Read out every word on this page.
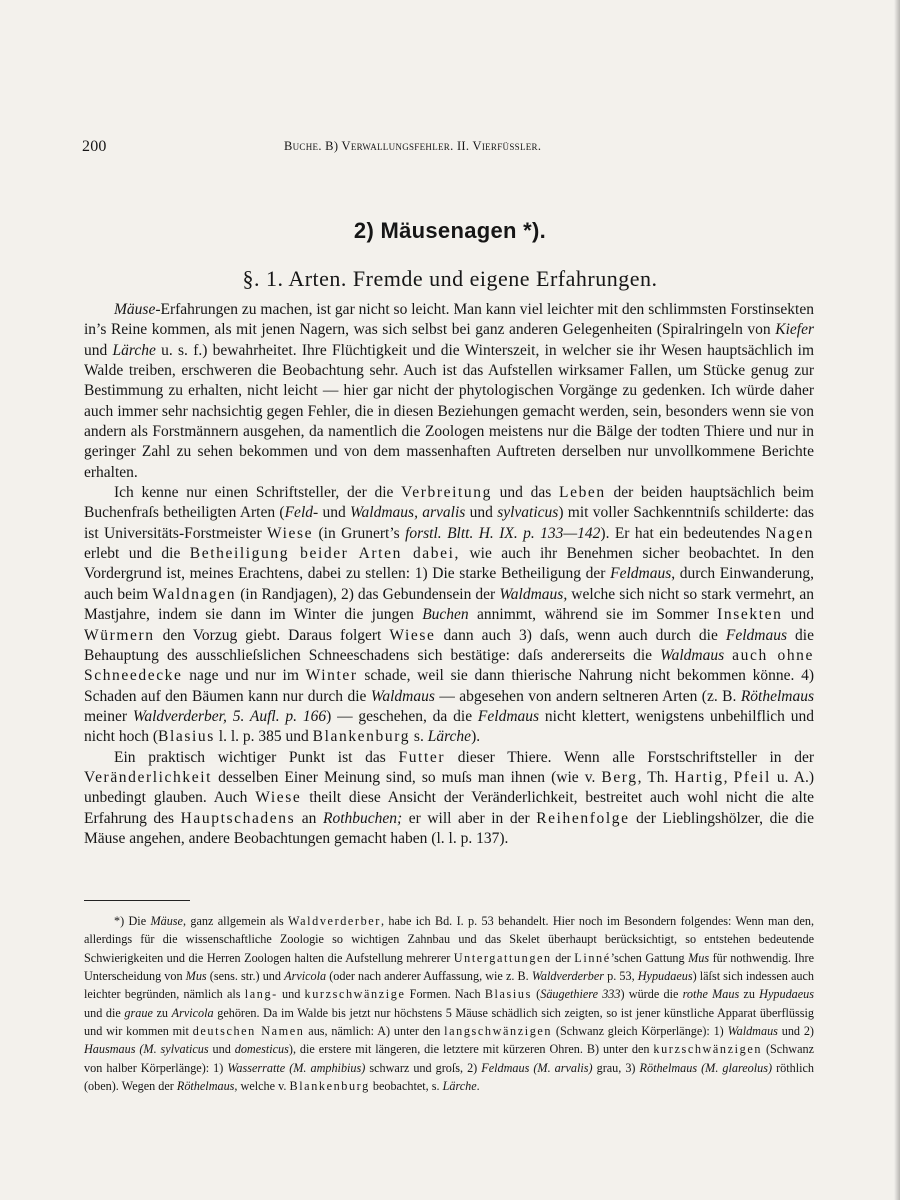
200	Buche. B) Verwallungsfehler. II. Vierfüssler.
2) Mäusenagen *).
§. 1. Arten. Fremde und eigene Erfahrungen.

Mäuse-Erfahrungen zu machen, ist gar nicht so leicht. Man kann viel leichter mit den schlimmsten Forstinsekten in’s Reine kommen, als mit jenen Nagern, was sich selbst bei ganz anderen Gelegenheiten (Spiralringeln von Kiefer und Lärche u. s. f.) bewahrheitet. Ihre Flüchtigkeit und die Winterszeit, in welcher sie ihr Wesen hauptsächlich im Walde treiben, erschweren die Beobachtung sehr. Auch ist das Aufstellen wirksamer Fallen, um Stücke genug zur Bestimmung zu erhalten, nicht leicht — hier gar nicht der phytologischen Vorgänge zu gedenken. Ich würde daher auch immer sehr nachsichtig gegen Fehler, die in diesen Beziehungen gemacht werden, sein, besonders wenn sie von andern als Forstmännern ausgehen, da namentlich die Zoologen meistens nur die Bälge der todten Thiere und nur in geringer Zahl zu sehen bekommen und von dem massenhaften Auftreten derselben nur unvollkommene Berichte erhalten.

Ich kenne nur einen Schriftsteller, der die Verbreitung und das Leben der beiden hauptsächlich beim Buchenfraſs betheiligten Arten (Feld- und Waldmaus, arvalis und sylvaticus) mit voller Sachkenntniſs schilderte: das ist Universitäts-Forstmeister Wiese (in Grunert’s forstl. Bltt. H. IX. p. 133—142). Er hat ein bedeutendes Nagen erlebt und die Betheiligung beider Arten dabei, wie auch ihr Benehmen sicher beobachtet. In den Vordergrund ist, meines Erachtens, dabei zu stellen: 1) Die starke Betheiligung der Feldmaus, durch Einwanderung, auch beim Waldnagen (in Randjagen), 2) das Gebundensein der Waldmaus, welche sich nicht so stark vermehrt, an Mastjahre, indem sie dann im Winter die jungen Buchen annimmt, während sie im Sommer Insekten und Würmern den Vorzug giebt. Daraus folgert Wiese dann auch 3) daſs, wenn auch durch die Feldmaus die Behauptung des ausschlieſslichen Schneeschadens sich bestätige: daſs andererseits die Waldmaus auch ohne Schneedecke nage und nur im Winter schade, weil sie dann thierische Nahrung nicht bekommen könne. 4) Schaden auf den Bäumen kann nur durch die Waldmaus — abgesehen von andern seltneren Arten (z. B. Röthelmaus meiner Waldverderber, 5. Aufl. p. 166) — geschehen, da die Feldmaus nicht klettert, wenigstens unbehilflich und nicht hoch (Blasius l. l. p. 385 und Blankenburg s. Lärche).

Ein praktisch wichtiger Punkt ist das Futter dieser Thiere. Wenn alle Forstschriftsteller in der Veränderlichkeit desselben Einer Meinung sind, so muſs man ihnen (wie v. Berg, Th. Hartig, Pfeil u. A.) unbedingt glauben. Auch Wiese theilt diese Ansicht der Veränderlichkeit, bestreitet auch wohl nicht die alte Erfahrung des Hauptschadens an Rothbuchen; er will aber in der Reihenfolge der Lieblingshölzer, die die Mäuse angehen, andere Beobachtungen gemacht haben (l. l. p. 137).

*) Die Mäuse, ganz allgemein als Waldverderber, habe ich Bd. I. p. 53 behandelt. Hier noch im Besondern folgendes: Wenn man den, allerdings für die wissenschaftliche Zoologie so wichtigen Zahnbau und das Skelet überhaupt berücksichtigt, so entstehen bedeutende Schwierigkeiten und die Herren Zoologen halten die Aufstellung mehrerer Untergattungen der Linné’schen Gattung Mus für nothwendig. Ihre Unterscheidung von Mus (sens. str.) und Arvicola (oder nach anderer Auffassung, wie z. B. Waldverderber p. 53, Hypudaeus) läſst sich indessen auch leichter begründen, nämlich als lang- und kurzschwänzige Formen. Nach Blasius (Säugethiere 333) würde die rothe Maus zu Hypudaeus und die graue zu Arvicola gehören. Da im Walde bis jetzt nur höchstens 5 Mäuse schädlich sich zeigten, so ist jener künstliche Apparat überflüssig und wir kommen mit deutschen Namen aus, nämlich: A) unter den langschwänzigen (Schwanz gleich Körperlänge): 1) Waldmaus und 2) Hausmaus (M. sylvaticus und domesticus), die erstere mit längeren, die letztere mit kürzeren Ohren. B) unter den kurzschwänzigen (Schwanz von halber Körperlänge): 1) Wasserratte (M. amphibius) schwarz und groſs, 2) Feldmaus (M. arvalis) grau, 3) Röthelmaus (M. glareolus) röthlich (oben). Wegen der Röthelmaus, welche v. Blankenburg beobachtet, s. Lärche.
